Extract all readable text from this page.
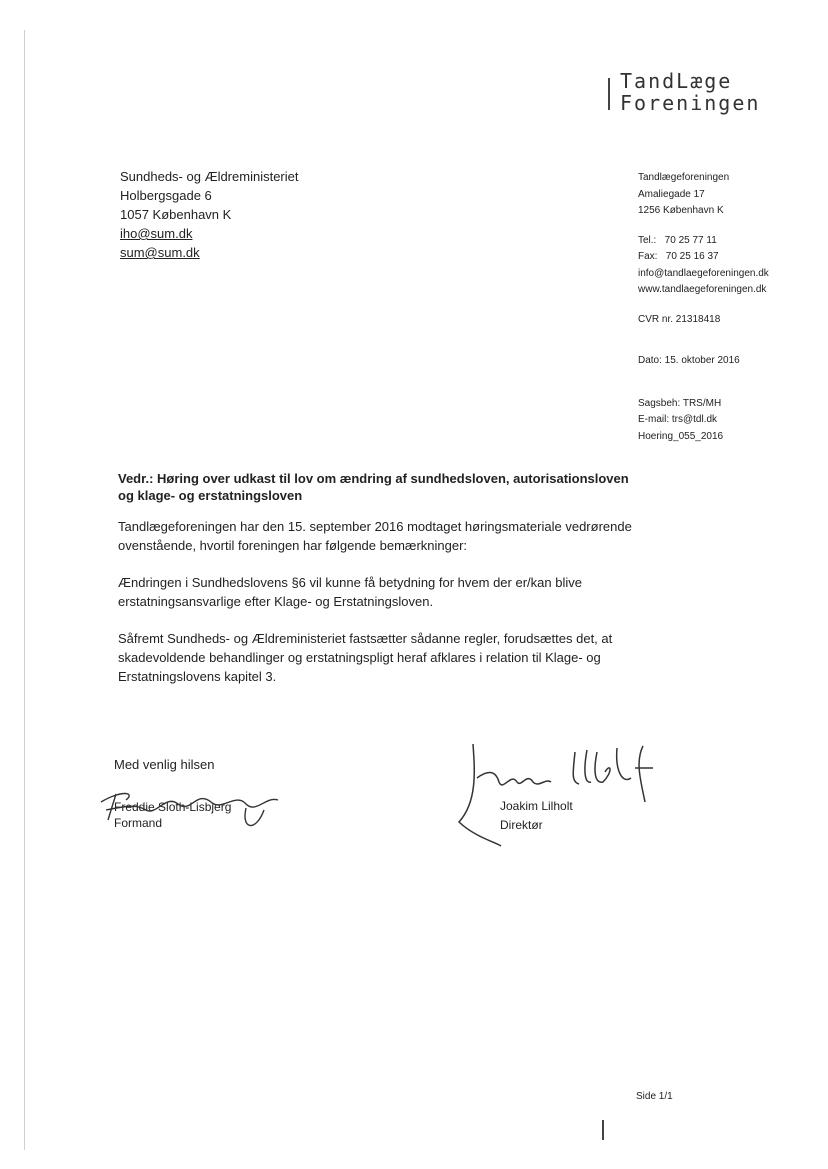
TandLæge
Foreningen
Sundheds- og Ældreministeriet
Holbergsgade 6
1057 København K
iho@sum.dk
sum@sum.dk
Tandlægeforeningen
Amaliegade 17
1256 København K
Tel.:   70 25 77 11
Fax:   70 25 16 37
info@tandlaegeforeningen.dk
www.tandlaegeforeningen.dk
CVR nr. 21318418
Dato: 15. oktober 2016
Sagsbeh: TRS/MH
E-mail: trs@tdl.dk
Hoering_055_2016
Vedr.: Høring over udkast til lov om ændring af sundhedsloven, autorisationsloven og klage- og erstatningsloven
Tandlægeforeningen har den 15. september 2016 modtaget høringsmateriale vedrørende ovenstående, hvortil foreningen har følgende bemærkninger:
Ændringen i Sundhedslovens §6 vil kunne få betydning for hvem der er/kan blive erstatningsansvarlige efter Klage- og Erstatningsloven.
Såfremt Sundheds- og Ældreministeriet fastsætter sådanne regler, forudsættes det, at skadevoldende behandlinger og erstatningspligt heraf afklares i relation til Klage- og Erstatningslovens kapitel 3.
Med venlig hilsen
Freddie Sloth-Lisbjerg
Formand
Joakim Lilholt
Direktør
Side 1/1
